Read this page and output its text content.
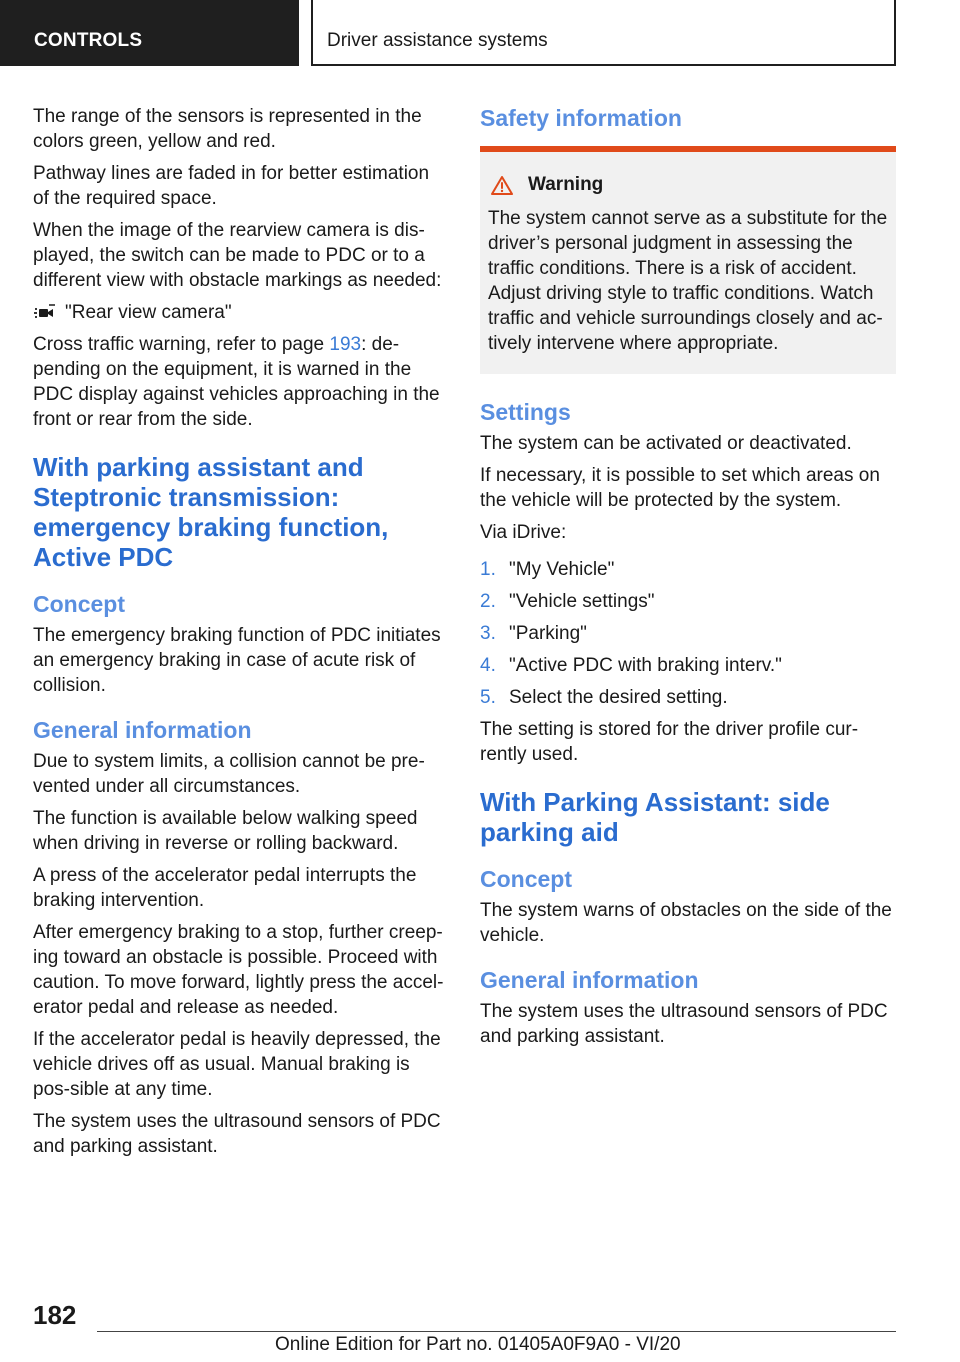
CONTROLS	Driver assistance systems

The range of the sensors is represented in the colors green, yellow and red.

Pathway lines are faded in for better estimation of the required space.

When the image of the rearview camera is dis‐played, the switch can be made to PDC or to a different view with obstacle markings as needed:

"Rear view camera"

Cross traffic warning, refer to page 193: de‐pending on the equipment, it is warned in the PDC display against vehicles approaching in the front or rear from the side.

With parking assistant and Steptronic transmission: emergency braking function, Active PDC
Concept

The emergency braking function of PDC initiates an emergency braking in case of acute risk of collision.

General information

Due to system limits, a collision cannot be pre‐vented under all circumstances.

The function is available below walking speed when driving in reverse or rolling backward.

A press of the accelerator pedal interrupts the braking intervention.

After emergency braking to a stop, further creep‐ing toward an obstacle is possible. Proceed with caution. To move forward, lightly press the accel‐erator pedal and release as needed.

If the accelerator pedal is heavily depressed, the vehicle drives off as usual. Manual braking is pos‐sible at any time.

The system uses the ultrasound sensors of PDC and parking assistant.

Safety information
Warning

The system cannot serve as a substitute for the driver’s personal judgment in assessing the traffic conditions. There is a risk of accident. Adjust driving style to traffic conditions. Watch traffic and vehicle surroundings closely and ac‐tively intervene where appropriate.

Settings

The system can be activated or deactivated.

If necessary, it is possible to set which areas on the vehicle will be protected by the system.

Via iDrive:

1. "My Vehicle"
2. "Vehicle settings"
3. "Parking"
4. "Active PDC with braking interv."
5. Select the desired setting.

The setting is stored for the driver profile cur‐rently used.

With Parking Assistant: side parking aid
Concept

The system warns of obstacles on the side of the vehicle.

General information

The system uses the ultrasound sensors of PDC and parking assistant.

182
Online Edition for Part no. 01405A0F9A0 - VI/20
